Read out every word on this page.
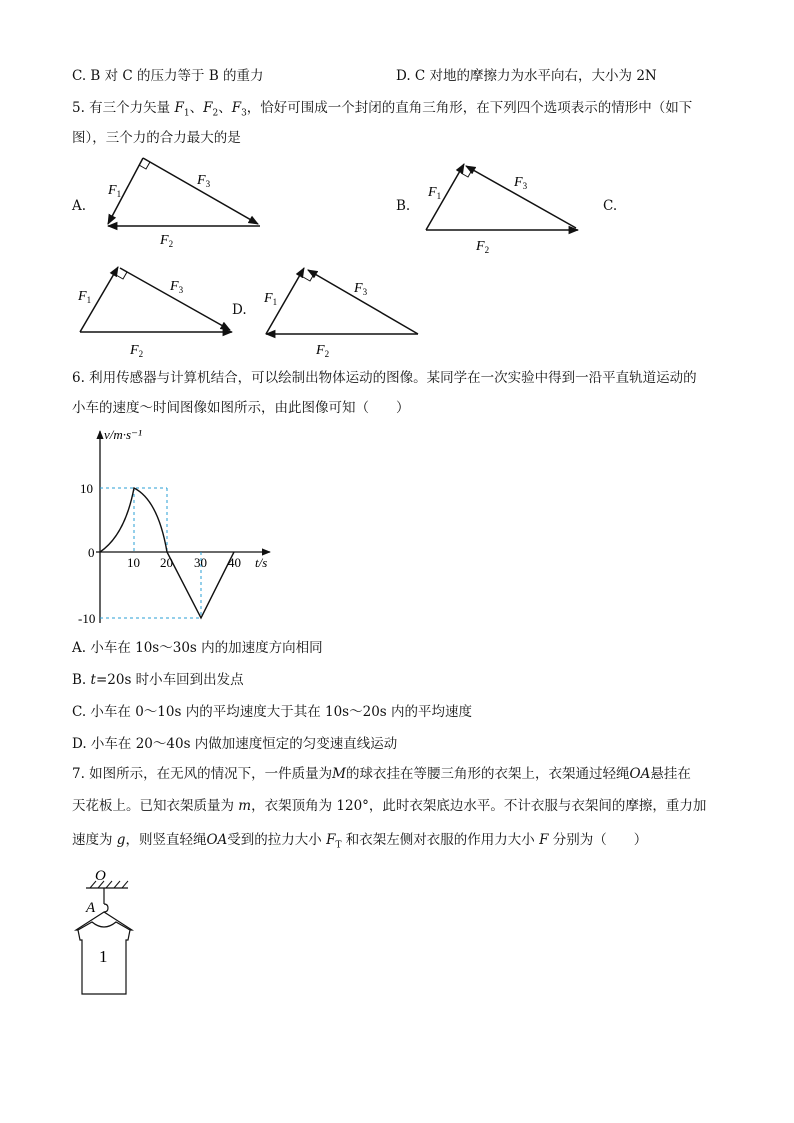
C. B 对 C 的压力等于 B 的重力	D. C 对地的摩擦力为水平向右，大小为 2N
5. 有三个力矢量 $F_1$、$F_2$、$F_3$，恰好可围成一个封闭的直角三角形，在下列四个选项表示的情形中（如下
图），三个力的合力最大的是
A.	B.	C.
D.
$F_1$
$F_3$
$F_2$
$F_1$
$F_3$
$F_2$
$F_1$
$F_3$
$F_2$
$F_1$
$F_3$
$F_2$
6. 利用传感器与计算机结合，可以绘制出物体运动的图像。某同学在一次实验中得到一沿平直轨道运动的
小车的速度～时间图像如图所示，由此图像可知（　　）
v/m·s⁻¹
10
0
-10
10 20 30 40 t/s
A. 小车在 10s～30s 内的加速度方向相同
B. t=20s 时小车回到出发点
C. 小车在 0～10s 内的平均速度大于其在 10s～20s 内的平均速度
D. 小车在 20～40s 内做加速度恒定的匀变速直线运动
7. 如图所示，在无风的情况下，一件质量为M的球衣挂在等腰三角形的衣架上，衣架通过轻绳OA悬挂在
天花板上。已知衣架质量为 m，衣架顶角为 120°，此时衣架底边水平。不计衣服与衣架间的摩擦，重力加
速度为 g，则竖直轻绳OA受到的拉力大小 $F_T$ 和衣架左侧对衣服的作用力大小 F 分别为（　　）
O
A
1
